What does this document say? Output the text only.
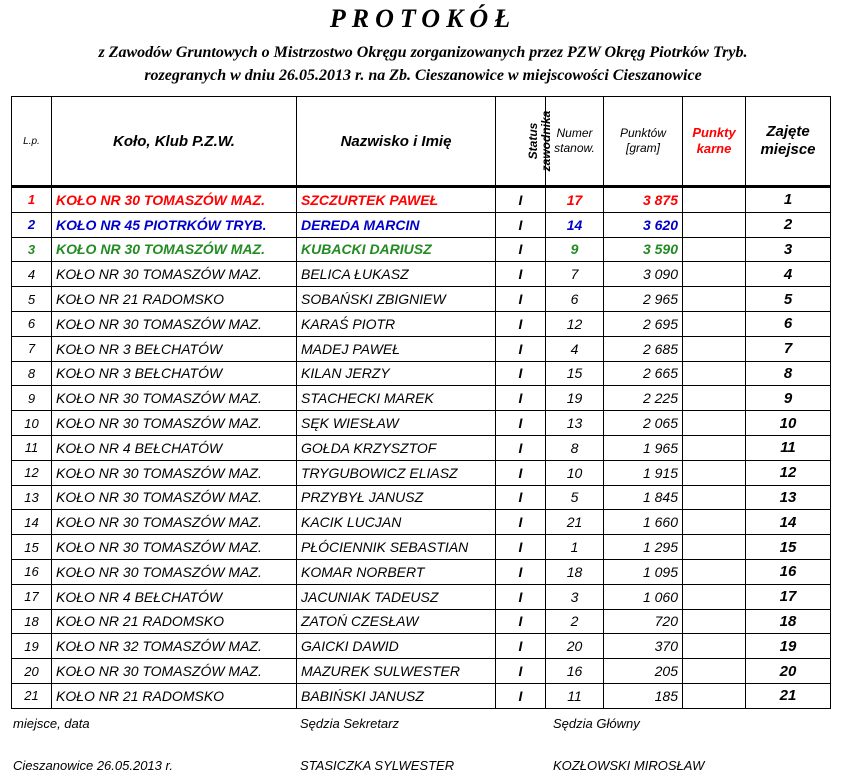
PROTOKÓŁ
z Zawodów Gruntowych o Mistrzostwo Okręgu zorganizowanych przez PZW Okręg Piotrków Tryb.
rozegranych w dniu 26.05.2013 r. na Zb. Cieszanowice w miejscowości Cieszanowice
L.p.	Koło, Klub P.Z.W.	Nazwisko i Imię	Status zawodnika	Numer stanow.	Punktów [gram]	Punkty karne	Zajęte miejsce
1	KOŁO NR 30 TOMASZÓW MAZ.	SZCZURTEK PAWEŁ	I	17	3 875		1
2	KOŁO NR 45 PIOTRKÓW TRYB.	DEREDA MARCIN	I	14	3 620		2
3	KOŁO NR 30 TOMASZÓW MAZ.	KUBACKI DARIUSZ	I	9	3 590		3
4	KOŁO NR 30 TOMASZÓW MAZ.	BELICA ŁUKASZ	I	7	3 090		4
5	KOŁO NR 21 RADOMSKO	SOBAŃSKI ZBIGNIEW	I	6	2 965		5
6	KOŁO NR 30 TOMASZÓW MAZ.	KARAŚ PIOTR	I	12	2 695		6
7	KOŁO NR 3 BEŁCHATÓW	MADEJ PAWEŁ	I	4	2 685		7
8	KOŁO NR 3 BEŁCHATÓW	KILAN JERZY	I	15	2 665		8
9	KOŁO NR 30 TOMASZÓW MAZ.	STACHECKI MAREK	I	19	2 225		9
10	KOŁO NR 30 TOMASZÓW MAZ.	SĘK WIESŁAW	I	13	2 065		10
11	KOŁO NR 4 BEŁCHATÓW	GOŁDA KRZYSZTOF	I	8	1 965		11
12	KOŁO NR 30 TOMASZÓW MAZ.	TRYGUBOWICZ ELIASZ	I	10	1 915		12
13	KOŁO NR 30 TOMASZÓW MAZ.	PRZYBYŁ JANUSZ	I	5	1 845		13
14	KOŁO NR 30 TOMASZÓW MAZ.	KACIK LUCJAN	I	21	1 660		14
15	KOŁO NR 30 TOMASZÓW MAZ.	PŁÓCIENNIK SEBASTIAN	I	1	1 295		15
16	KOŁO NR 30 TOMASZÓW MAZ.	KOMAR NORBERT	I	18	1 095		16
17	KOŁO NR 4 BEŁCHATÓW	JACUNIAK TADEUSZ	I	3	1 060		17
18	KOŁO NR 21 RADOMSKO	ZATOŃ CZESŁAW	I	2	720		18
19	KOŁO NR 32 TOMASZÓW MAZ.	GAICKI DAWID	I	20	370		19
20	KOŁO NR 30 TOMASZÓW MAZ.	MAZUREK SULWESTER	I	16	205		20
21	KOŁO NR 21 RADOMSKO	BABIŃSKI JANUSZ	I	11	185		21
miejsce, data	Sędzia Sekretarz	Sędzia Główny
Cieszanowice 26.05.2013 r.	STASICZKA SYLWESTER	KOZŁOWSKI MIROSŁAW
